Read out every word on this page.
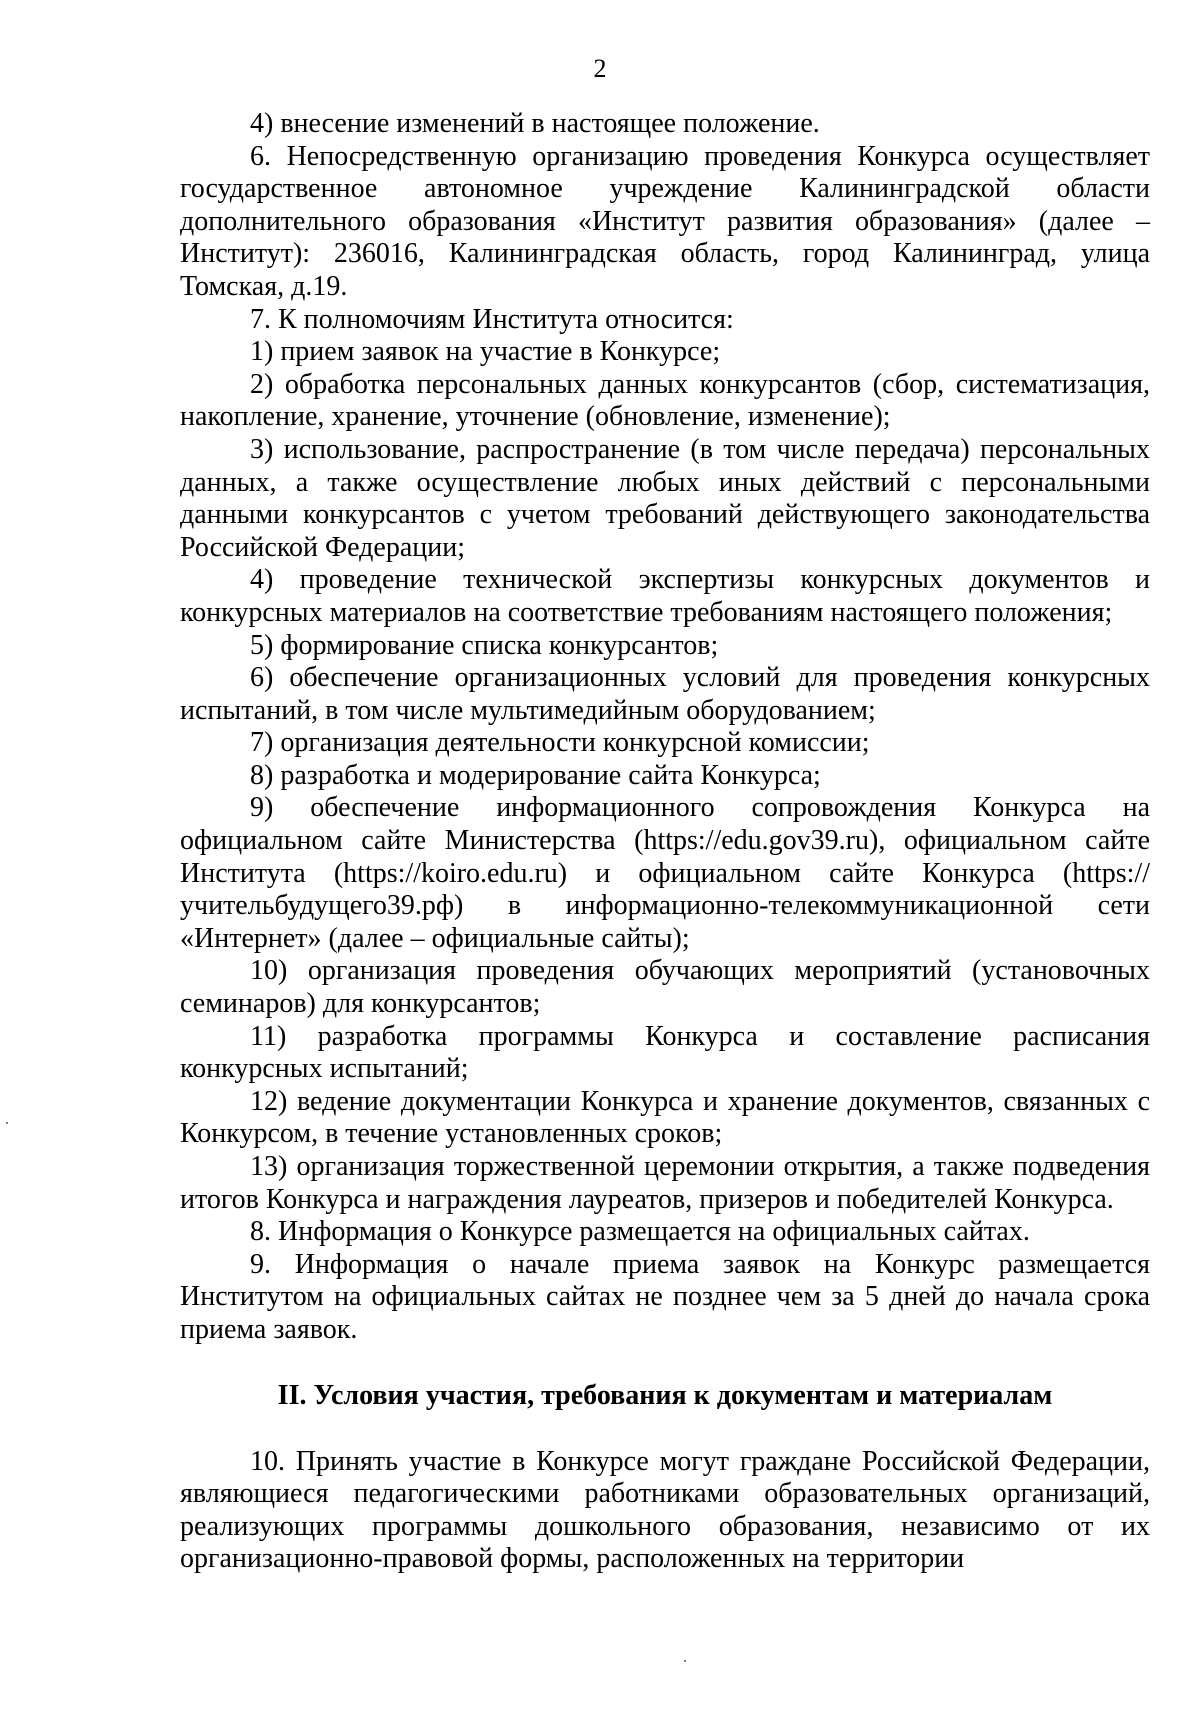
2

4) внесение изменений в настоящее положение.

6. Непосредственную организацию проведения Конкурса осуществляет государственное автономное учреждение Калининградской области дополнительного образования «Институт развития образования» (далее – Институт): 236016, Калининградская область, город Калининград, улица Томская, д.19.

7. К полномочиям Института относится:

1) прием заявок на участие в Конкурсе;

2) обработка персональных данных конкурсантов (сбор, систематизация, накопление, хранение, уточнение (обновление, изменение);

3) использование, распространение (в том числе передача) персональных данных, а также осуществление любых иных действий с персональными данными конкурсантов с учетом требований действующего законодательства Российской Федерации;

4) проведение технической экспертизы конкурсных документов и конкурсных материалов на соответствие требованиям настоящего положения;

5) формирование списка конкурсантов;

6) обеспечение организационных условий для проведения конкурсных испытаний, в том числе мультимедийным оборудованием;

7) организация деятельности конкурсной комиссии;

8) разработка и модерирование сайта Конкурса;

9) обеспечение информационного сопровождения Конкурса на официальном сайте Министерства (https://edu.gov39.ru), официальном сайте Института (https://koiro.edu.ru) и официальном сайте Конкурса (https://учительбудущего39.рф) в информационно-телекоммуникационной сети «Интернет» (далее – официальные сайты);

10) организация проведения обучающих мероприятий (установочных семинаров) для конкурсантов;

11) разработка программы Конкурса и составление расписания конкурсных испытаний;

12) ведение документации Конкурса и хранение документов, связанных с Конкурсом, в течение установленных сроков;

13) организация торжественной церемонии открытия, а также подведения итогов Конкурса и награждения лауреатов, призеров и победителей Конкурса.

8. Информация о Конкурсе размещается на официальных сайтах.

9. Информация о начале приема заявок на Конкурс размещается Институтом на официальных сайтах не позднее чем за 5 дней до начала срока приема заявок.

II. Условия участия, требования к документам и материалам

10. Принять участие в Конкурсе могут граждане Российской Федерации, являющиеся педагогическими работниками образовательных организаций, реализующих программы дошкольного образования, независимо от их организационно-правовой формы, расположенных на территории
